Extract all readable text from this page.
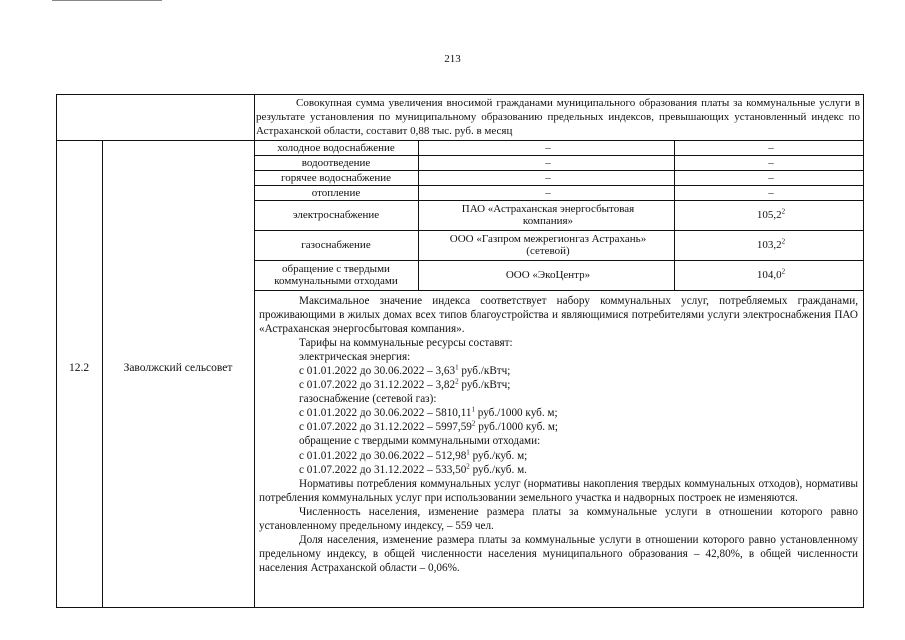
213
Совокупная сумма увеличения вносимой гражданами муниципального образования платы за коммунальные услуги в результате установления по муниципальному образованию предельных индексов, превышающих установленный индекс по Астраханской области, составит 0,88 тыс. руб. в месяц
12.2	Заволжский сельсовет
холодное водоснабжение	–	–
водоотведение	–	–
горячее водоснабжение	–	–
отопление	–	–
электроснабжение	ПАО «Астраханская энергосбытовая компания»	105,2$^2$
газоснабжение	ООО «Газпром межрегионгаз Астрахань» (сетевой)	103,2$^2$
обращение с твердыми коммунальными отходами	ООО «ЭкоЦентр»	104,0$^2$

Максимальное значение индекса соответствует набору коммунальных услуг, потребляемых гражданами, проживающими в жилых домах всех типов благоустройства и являющимися потребителями услуги электроснабжения ПАО «Астраханская энергосбытовая компания».

Тарифы на коммунальные ресурсы составят:

электрическая энергия:

с 01.01.2022 до 30.06.2022 – 3,63$^1$ руб./кВтч;

с 01.07.2022 до 31.12.2022 – 3,82$^2$ руб./кВтч;

газоснабжение (сетевой газ):

с 01.01.2022 до 30.06.2022 – 5810,11$^1$ руб./1000 куб. м;

с 01.07.2022 до 31.12.2022 – 5997,59$^2$ руб./1000 куб. м;

обращение с твердыми коммунальными отходами:

с 01.01.2022 до 30.06.2022 – 512,98$^1$ руб./куб. м;

с 01.07.2022 до 31.12.2022 – 533,50$^2$ руб./куб. м.

Нормативы потребления коммунальных услуг (нормативы накопления твердых коммунальных отходов), нормативы потребления коммунальных услуг при использовании земельного участка и надворных построек не изменяются.

Численность населения, изменение размера платы за коммунальные услуги в отношении которого равно установленному предельному индексу, – 559 чел.

Доля населения, изменение размера платы за коммунальные услуги в отношении которого равно установленному предельному индексу, в общей численности населения муниципального образования – 42,80%, в общей численности населения Астраханской области – 0,06%.
